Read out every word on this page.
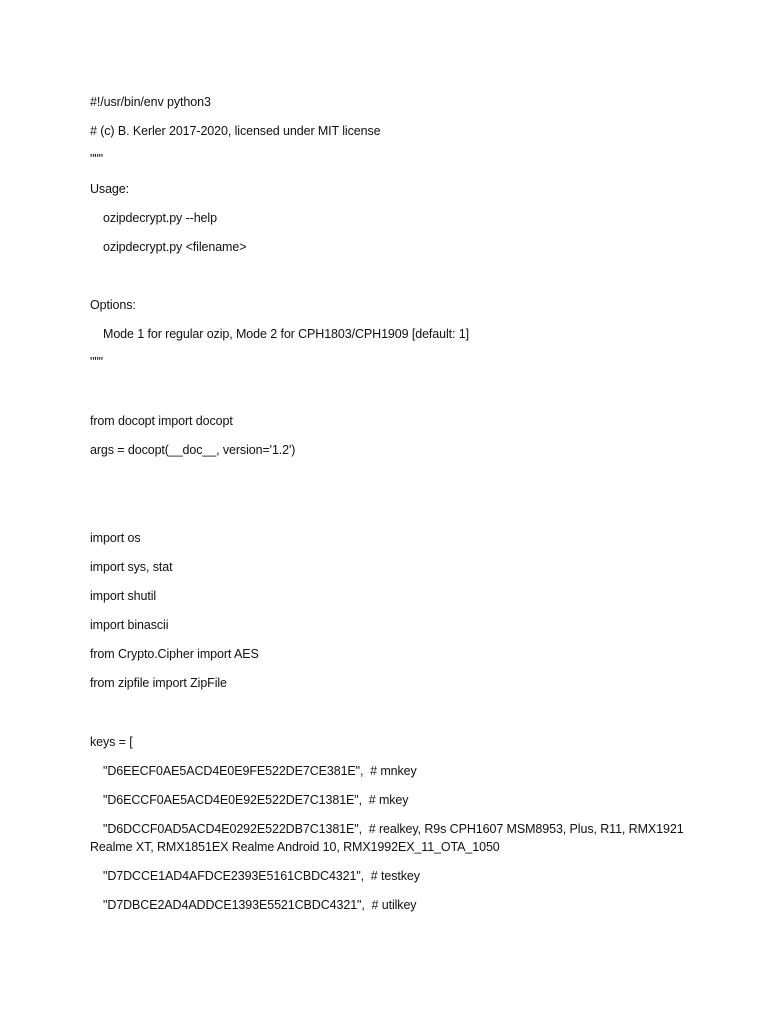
#!/usr/bin/env python3
# (c) B. Kerler 2017-2020, licensed under MIT license
"""
Usage:
ozipdecrypt.py --help
ozipdecrypt.py <filename>
Options:
Mode 1 for regular ozip, Mode 2 for CPH1803/CPH1909 [default: 1]
"""
from docopt import docopt
args = docopt(__doc__, version='1.2')
import os
import sys, stat
import shutil
import binascii
from Crypto.Cipher import AES
from zipfile import ZipFile
keys = [
"D6EECF0AE5ACD4E0E9FE522DE7CE381E",  # mnkey
"D6ECCF0AE5ACD4E0E92E522DE7C1381E",  # mkey
"D6DCCF0AD5ACD4E0292E522DB7C1381E",  # realkey, R9s CPH1607 MSM8953, Plus, R11, RMX1921
Realme XT, RMX1851EX Realme Android 10, RMX1992EX_11_OTA_1050
"D7DCCE1AD4AFDCE2393E5161CBDC4321",  # testkey
"D7DBCE2AD4ADDCE1393E5521CBDC4321",  # utilkey
